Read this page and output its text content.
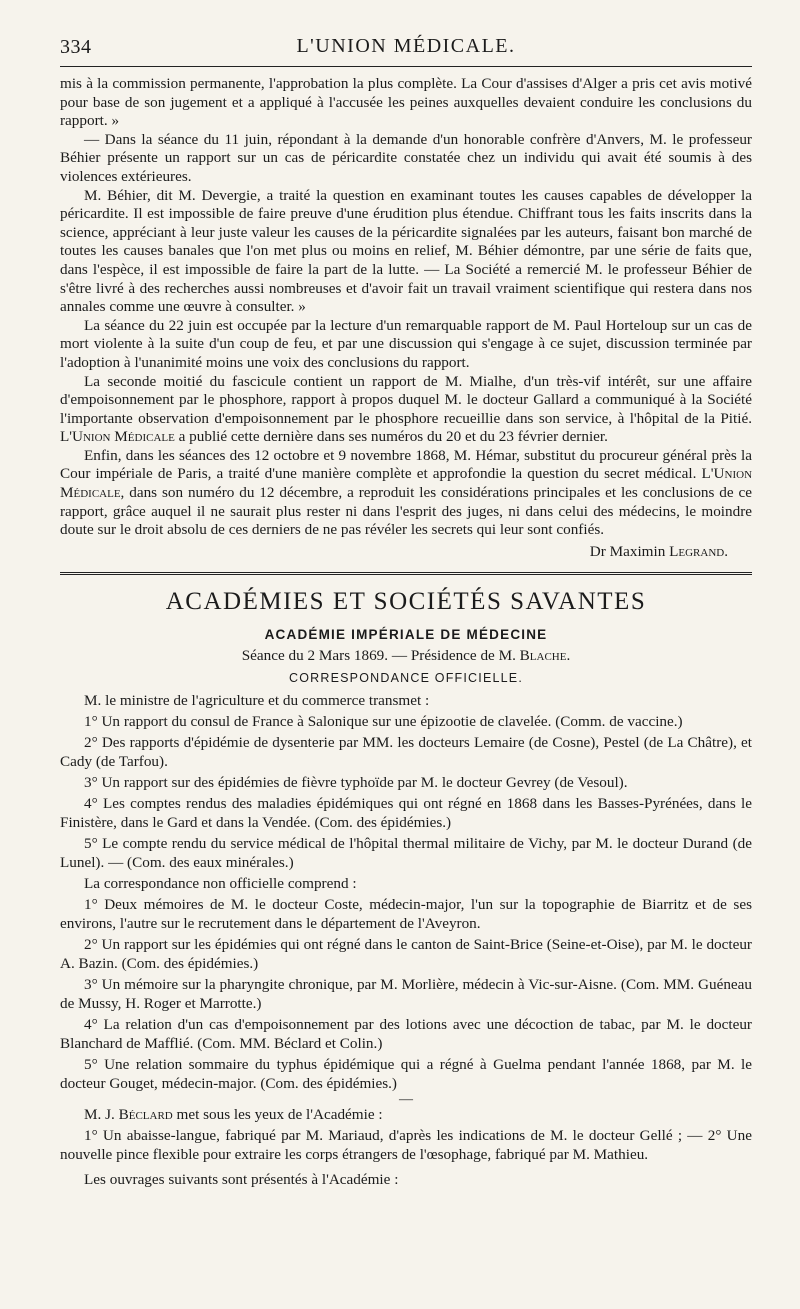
334	L'UNION MÉDICALE.

mis à la commission permanente, l'approbation la plus complète. La Cour d'assises d'Alger a pris cet avis motivé pour base de son jugement et a appliqué à l'accusée les peines auxquelles devaient conduire les conclusions du rapport. »

— Dans la séance du 11 juin, répondant à la demande d'un honorable confrère d'Anvers, M. le professeur Béhier présente un rapport sur un cas de péricardite constatée chez un individu qui avait été soumis à des violences extérieures.

M. Béhier, dit M. Devergie, a traité la question en examinant toutes les causes capables de développer la péricardite. Il est impossible de faire preuve d'une érudition plus étendue. Chiffrant tous les faits inscrits dans la science, appréciant à leur juste valeur les causes de la péricardite signalées par les auteurs, faisant bon marché de toutes les causes banales que l'on met plus ou moins en relief, M. Béhier démontre, par une série de faits que, dans l'espèce, il est impossible de faire la part de la lutte. — La Société a remercié M. le professeur Béhier de s'être livré à des recherches aussi nombreuses et d'avoir fait un travail vraiment scientifique qui restera dans nos annales comme une œuvre à consulter. »

La séance du 22 juin est occupée par la lecture d'un remarquable rapport de M. Paul Horteloup sur un cas de mort violente à la suite d'un coup de feu, et par une discussion qui s'engage à ce sujet, discussion terminée par l'adoption à l'unanimité moins une voix des conclusions du rapport.

La seconde moitié du fascicule contient un rapport de M. Mialhe, d'un très-vif intérêt, sur une affaire d'empoisonnement par le phosphore, rapport à propos duquel M. le docteur Gallard a communiqué à la Société l'importante observation d'empoisonnement par le phosphore recueillie dans son service, à l'hôpital de la Pitié. L'Union Médicale a publié cette dernière dans ses numéros du 20 et du 23 février dernier.

Enfin, dans les séances des 12 octobre et 9 novembre 1868, M. Hémar, substitut du procureur général près la Cour impériale de Paris, a traité d'une manière complète et approfondie la question du secret médical. L'Union Médicale, dans son numéro du 12 décembre, a reproduit les considérations principales et les conclusions de ce rapport, grâce auquel il ne saurait plus rester ni dans l'esprit des juges, ni dans celui des médecins, le moindre doute sur le droit absolu de ces derniers de ne pas révéler les secrets qui leur sont confiés.

Dr Maximin Legrand.
ACADÉMIES ET SOCIÉTÉS SAVANTES
ACADÉMIE IMPÉRIALE DE MÉDECINE
Séance du 2 Mars 1869. — Présidence de M. Blache.
CORRESPONDANCE OFFICIELLE.

M. le ministre de l'agriculture et du commerce transmet :

1° Un rapport du consul de France à Salonique sur une épizootie de clavelée. (Comm. de vaccine.)

2° Des rapports d'épidémie de dysenterie par MM. les docteurs Lemaire (de Cosne), Pestel (de La Châtre), et Cady (de Tarfou).

3° Un rapport sur des épidémies de fièvre typhoïde par M. le docteur Gevrey (de Vesoul).

4° Les comptes rendus des maladies épidémiques qui ont régné en 1868 dans les Basses-Pyrénées, dans le Finistère, dans le Gard et dans la Vendée. (Com. des épidémies.)

5° Le compte rendu du service médical de l'hôpital thermal militaire de Vichy, par M. le docteur Durand (de Lunel). — (Com. des eaux minérales.)

La correspondance non officielle comprend :

1° Deux mémoires de M. le docteur Coste, médecin-major, l'un sur la topographie de Biarritz et de ses environs, l'autre sur le recrutement dans le département de l'Aveyron.

2° Un rapport sur les épidémies qui ont régné dans le canton de Saint-Brice (Seine-et-Oise), par M. le docteur A. Bazin. (Com. des épidémies.)

3° Un mémoire sur la pharyngite chronique, par M. Morlière, médecin à Vic-sur-Aisne. (Com. MM. Guéneau de Mussy, H. Roger et Marrotte.)

4° La relation d'un cas d'empoisonnement par des lotions avec une décoction de tabac, par M. le docteur Blanchard de Mafflié. (Com. MM. Béclard et Colin.)

5° Une relation sommaire du typhus épidémique qui a régné à Guelma pendant l'année 1868, par M. le docteur Gouget, médecin-major. (Com. des épidémies.)

—

M. J. Béclard met sous les yeux de l'Académie :

1° Un abaisse-langue, fabriqué par M. Mariaud, d'après les indications de M. le docteur Gellé ; — 2° Une nouvelle pince flexible pour extraire les corps étrangers de l'œsophage, fabriqué par M. Mathieu.

Les ouvrages suivants sont présentés à l'Académie :
